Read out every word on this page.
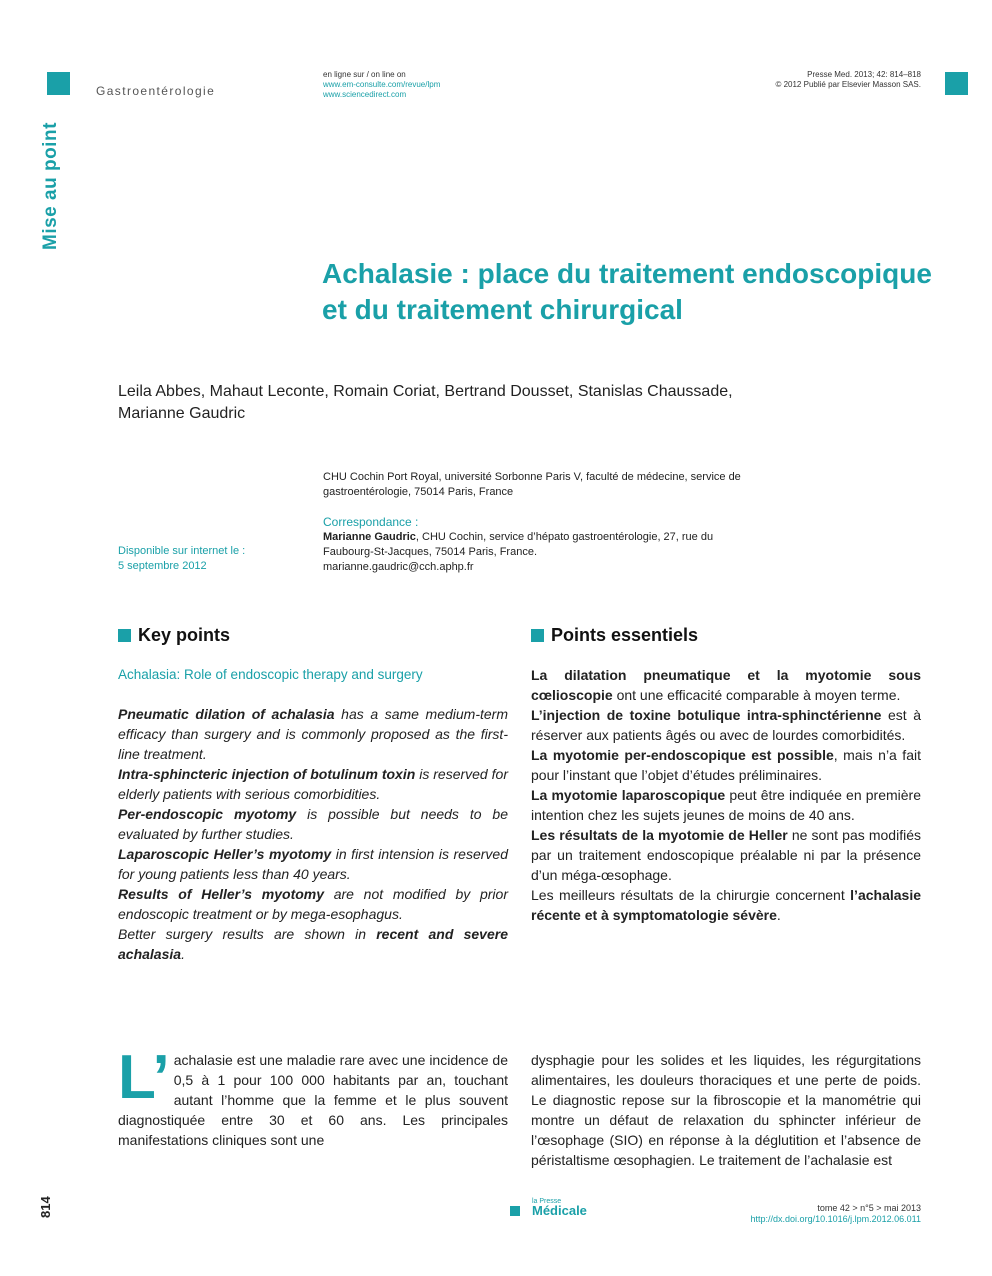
Gastroentérologie
en ligne sur / on line on
www.em-consulte.com/revue/lpm
www.sciencedirect.com
Presse Med. 2013; 42: 814–818
© 2012 Publié par Elsevier Masson SAS.
Mise au point
Achalasie : place du traitement endoscopique
et du traitement chirurgical
Leila Abbes, Mahaut Leconte, Romain Coriat, Bertrand Dousset, Stanislas Chaussade,
Marianne Gaudric
CHU Cochin Port Royal, université Sorbonne Paris V, faculté de médecine, service de
gastroentérologie, 75014 Paris, France
Correspondance :
Marianne Gaudric, CHU Cochin, service d’hépato gastroentérologie, 27, rue du
Faubourg-St-Jacques, 75014 Paris, France.
marianne.gaudric@cch.aphp.fr
Disponible sur internet le :
5 septembre 2012
Key points
Achalasia: Role of endoscopic therapy and surgery

Pneumatic dilation of achalasia has a same medium-term efficacy than surgery and is commonly proposed as the first-line treatment.

Intra-sphincteric injection of botulinum toxin is reserved for elderly patients with serious comorbidities.

Per-endoscopic myotomy is possible but needs to be evaluated by further studies.

Laparoscopic Heller’s myotomy in first intension is reserved for young patients less than 40 years.

Results of Heller’s myotomy are not modified by prior endoscopic treatment or by mega-esophagus.

Better surgery results are shown in recent and severe achalasia.

Points essentiels

La dilatation pneumatique et la myotomie sous cœlioscopie ont une efficacité comparable à moyen terme.

L’injection de toxine botulique intra-sphinctérienne est à réserver aux patients âgés ou avec de lourdes comorbidités.

La myotomie per-endoscopique est possible, mais n’a fait pour l’instant que l’objet d’études préliminaires.

La myotomie laparoscopique peut être indiquée en première intention chez les sujets jeunes de moins de 40 ans.

Les résultats de la myotomie de Heller ne sont pas modifiés par un traitement endoscopique préalable ni par la présence d’un méga-œsophage.

Les meilleurs résultats de la chirurgie concernent l’achalasie récente et à symptomatologie sévère.

L’ achalasie est une maladie rare avec une incidence de 0,5 à 1 pour 100 000 habitants par an, touchant autant l’homme que la femme et le plus souvent diagnostiquée entre 30 et 60 ans. Les principales manifestations cliniques sont une
dysphagie pour les solides et les liquides, les régurgitations alimentaires, les douleurs thoraciques et une perte de poids. Le diagnostic repose sur la fibroscopie et la manométrie qui montre un défaut de relaxation du sphincter inférieur de l’œsophage (SIO) en réponse à la déglutition et l’absence de péristaltisme œsophagien. Le traitement de l’achalasie est
814	la Presse
Médicale	tome 42 > n°5 > mai 2013
http://dx.doi.org/10.1016/j.lpm.2012.06.011
